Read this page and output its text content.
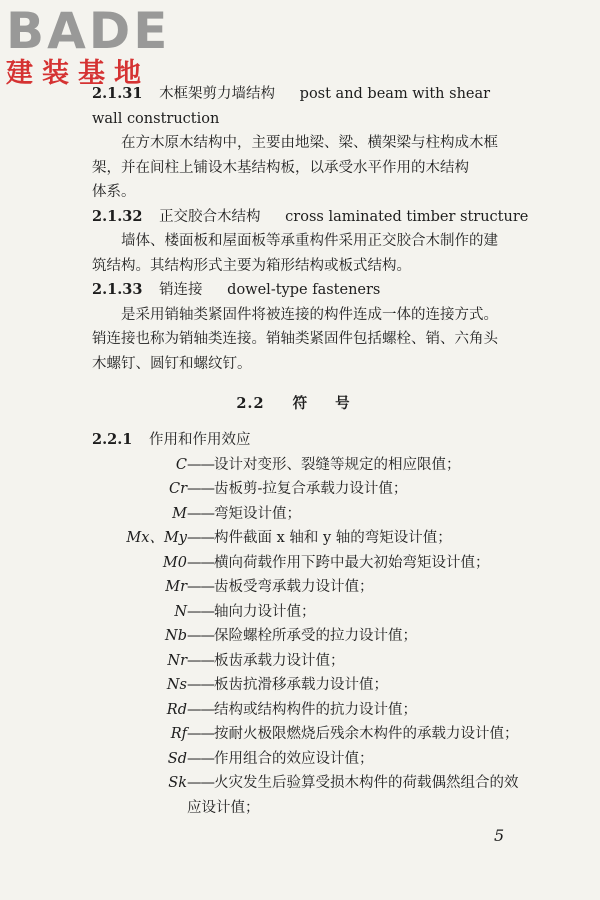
BADE
建装基地
2.1.31 木框架剪力墙结构 post and beam with shear
wall construction
在方木原木结构中，主要由地梁、梁、横架梁与柱构成木框
架，并在间柱上铺设木基结构板，以承受水平作用的木结构
体系。
2.1.32 正交胶合木结构 cross laminated timber structure
墙体、楼面板和屋面板等承重构件采用正交胶合木制作的建
筑结构。其结构形式主要为箱形结构或板式结构。
2.1.33 销连接 dowel-type fasteners
是采用销轴类紧固件将被连接的构件连成一体的连接方式。
销连接也称为销轴类连接。销轴类紧固件包括螺栓、销、六角头
木螺钉、圆钉和螺纹钉。
2.2 符号
2.2.1 作用和作用效应
C —— 设计对变形、裂缝等规定的相应限值；
Cr —— 齿板剪-拉复合承载力设计值；
M —— 弯矩设计值；
Mx、My —— 构件截面 x 轴和 y 轴的弯矩设计值；
M0 —— 横向荷载作用下跨中最大初始弯矩设计值；
Mr —— 齿板受弯承载力设计值；
N —— 轴向力设计值；
Nb —— 保险螺栓所承受的拉力设计值；
Nr —— 板齿承载力设计值；
Ns —— 板齿抗滑移承载力设计值；
Rd —— 结构或结构构件的抗力设计值；
Rf —— 按耐火极限燃烧后残余木构件的承载力设计值；
Sd —— 作用组合的效应设计值；
Sk —— 火灾发生后验算受损木构件的荷载偶然组合的效
应设计值；
5
